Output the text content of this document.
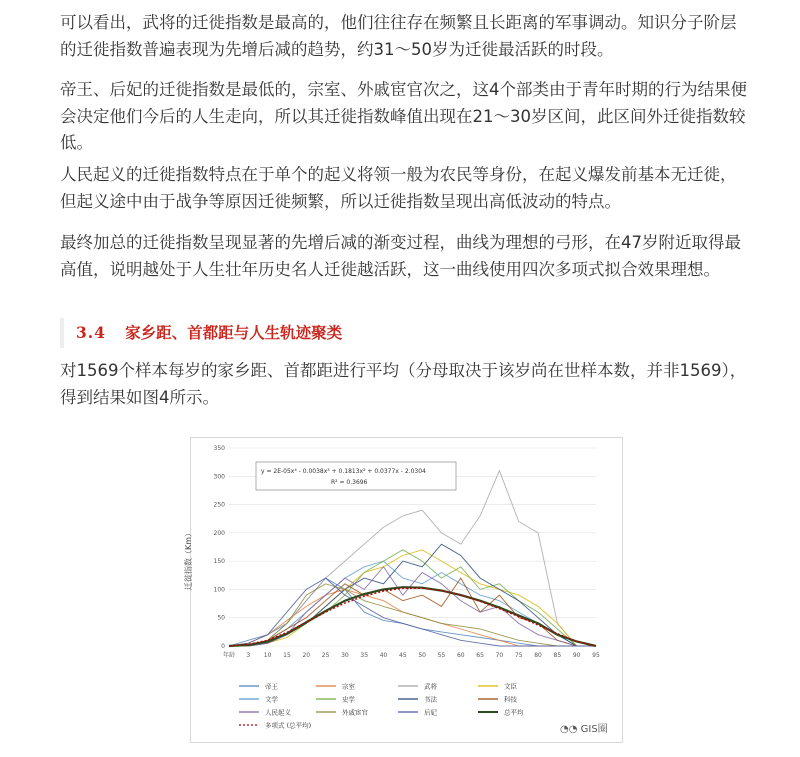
可以看出，武将的迁徙指数是最高的，他们往往存在频繁且长距离的军事调动。知识分子阶层的迁徙指数普遍表现为先增后减的趋势，约31～50岁为迁徙最活跃的时段。

帝王、后妃的迁徙指数是最低的，宗室、外戚宦官次之，这4个部类由于青年时期的行为结果便会决定他们今后的人生走向，所以其迁徙指数峰值出现在21～30岁区间，此区间外迁徙指数较低。

人民起义的迁徙指数特点在于单个的起义将领一般为农民等身份，在起义爆发前基本无迁徙，但起义途中由于战争等原因迁徙频繁，所以迁徙指数呈现出高低波动的特点。

最终加总的迁徙指数呈现显著的先增后减的渐变过程，曲线为理想的弓形，在47岁附近取得最高值，说明越处于人生壮年历史名人迁徙越活跃，这一曲线使用四次多项式拟合效果理想。

3.4 家乡距、首都距与人生轨迹聚类

对1569个样本每岁的家乡距、首都距进行平均（分母取决于该岁尚在世样本数，并非1569），得到结果如图4所示。

0
50
100
150
200
250
300
350
年龄 3 10 15 20 25 30 35 40 45 50 55 60 65 70 75 80 85 90 95
迁徙指数（Km）
y = 2E-05x⁴ - 0.0038x³ + 0.1813x² + 0.0377x - 2.0304
R² = 0.3696
帝王	宗室	武将	文臣
文学	史学	书法	科技
人民起义	外戚宦官	后妃	总平均
多项式 (总平均)	◔◔ GIS圈
